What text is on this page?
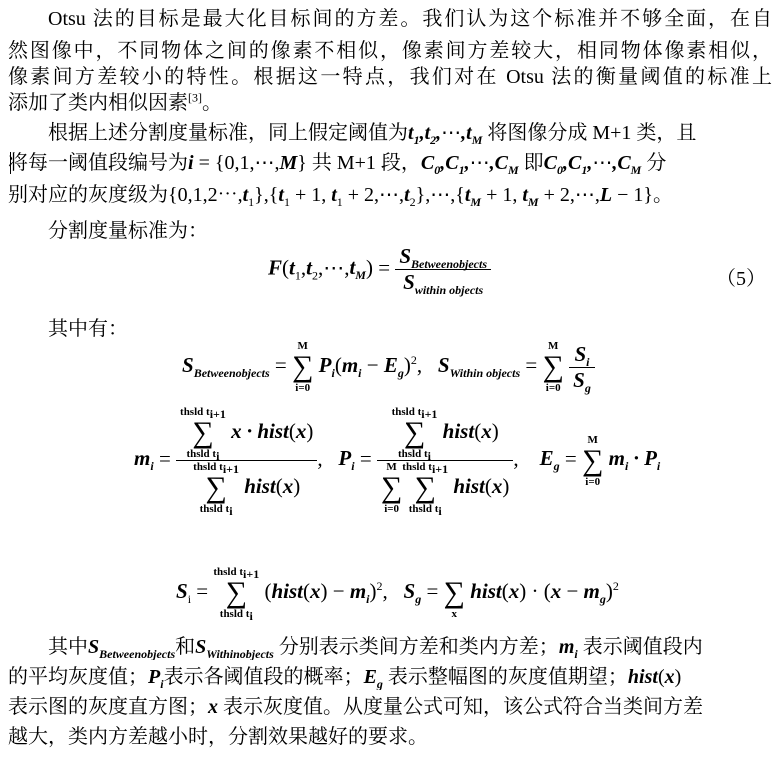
Otsu 法的目标是最大化目标间的方差。我们认为这个标准并不够全面，在自
然图像中，不同物体之间的像素不相似，像素间方差较大，相同物体像素相似，
像素间方差较小的特性。根据这一特点，我们对在 Otsu 法的衡量阈值的标准上
添加了类内相似因素[3]。
根据上述分割度量标准，同上假定阈值为$t_1,t_2,\cdots,t_M$ 将图像分成 M+1 类，且
将每一阈值段编号为i = {0,1,⋯,M} 共 M+1 段，$C_0,C_1,\cdots,C_M$ 即$C_0,C_1,\cdots,C_M$ 分
别对应的灰度级为$\{0,1,2\cdots,t_1\},\{t_1 + 1$, $t_1$ + $2,\cdots,t_2\},\cdots,\{t_M + 1$, $t_M$ + 2,⋯,L − 1}。
分割度量标准为：
$F(t_1,t_2,\cdots,t_M) = \frac{S_{Betweenobjects}}{S_{within objects}}$	（5）
其中有：
$S_{Betweenobjects}$ =
M
∑
i=0
$P_i(m_i - E_g)^2$,   $S_{Within objects}$ =
M
∑
i=0
$\frac{S_i}{S_g}$
$m_i$ = thsld $t_{i+1}$
∑
thsld $t_i$
x · hist(x)
thsld $t_{i+1}$
∑
thsld $t_i$
hist(x) ,   $P_i$ = thsld $t_{i+1}$
∑
thsld $t_i$
hist(x)
M
∑
i=0
thsld $t_{i+1}$
∑
thsld $t_i$
hist(x) ,    $E_g$ =
M
∑
i=0
$m_i \cdot P_i$
$S_i$ =
thsld $t_{i+1}$
∑
thsld $t_i$
(hist(x) − $m_i)^2$,   $S_g$ =
∑
x
hist(x) · $(x - m_g)^2$
其中$S_{Betweenobjects}$和$S_{Withinobjects}$ 分别表示类间方差和类内方差；$m_i$ 表示阈值段内
的平均灰度值；$P_i$表示各阈值段的概率；$E_g$ 表示整幅图的灰度值期望；hist(x)
表示图的灰度直方图；x 表示灰度值。从度量公式可知，该公式符合当类间方差
越大，类内方差越小时，分割效果越好的要求。
